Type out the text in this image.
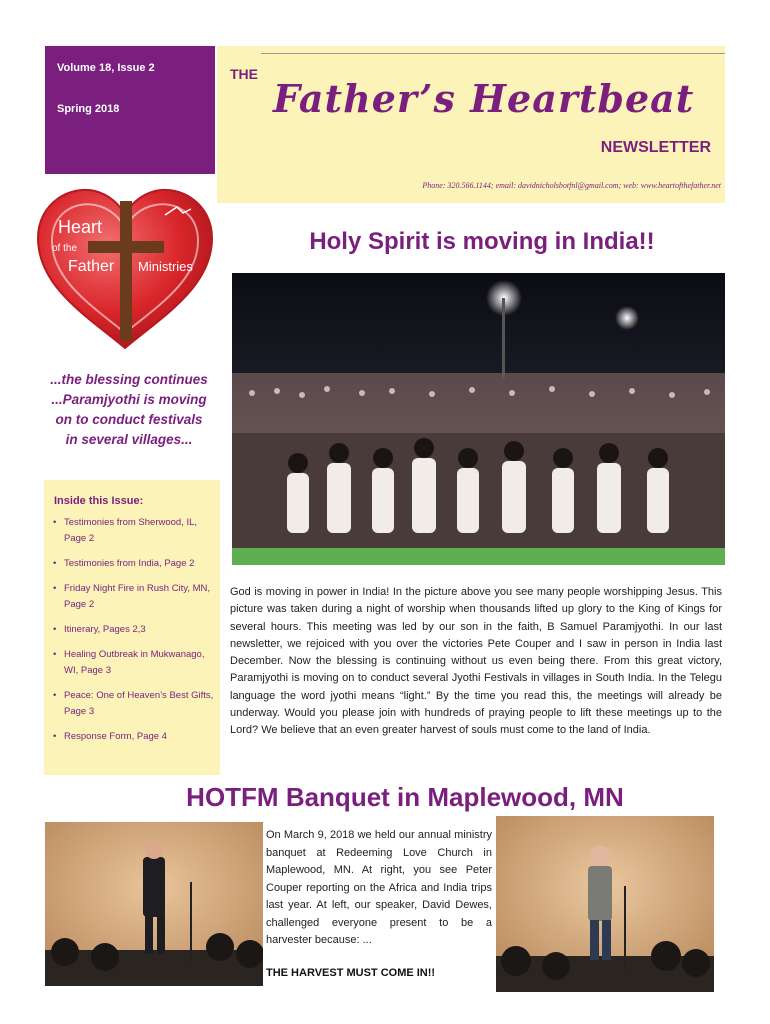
Volume 18, Issue 2
Spring 2018
THE
Father’s Heartbeat
NEWSLETTER
Phone: 320.566.1144; email: davidnicholsbotfnl@gmail.com; web: www.heartofthefather.net
Heart
of the
Father Ministries
...the blessing continues
...Paramjyothi is moving
on to conduct festivals
in several villages...
Inside this Issue:
• Testimonies from Sherwood, IL, Page 2
• Testimonies from India, Page 2
• Friday Night Fire in Rush City, MN, Page 2
• Itinerary, Pages 2,3
• Healing Outbreak in Mukwanago, WI, Page 3
• Peace: One of Heaven’s Best Gifts, Page 3
• Response Form, Page 4
Holy Spirit is moving in India!!
God is moving in power in India! In the picture above you see many people worshipping Jesus. This picture was taken during a night of worship when thousands lifted up glory to the King of Kings for several hours. This meeting was led by our son in the faith, B Samuel Paramjyothi. In our last newsletter, we rejoiced with you over the victories Pete Couper and I saw in person in India last December. Now the blessing is continuing without us even being there. From this great victory, Paramjyothi is moving on to conduct several Jyothi Festivals in villages in South India. In the Telegu language the word jyothi means “light.” By the time you read this, the meetings will already be underway. Would you please join with hundreds of praying people to lift these meetings up to the Lord? We believe that an even greater harvest of souls must come to the land of India.
HOTFM Banquet in Maplewood, MN
On March 9, 2018 we held our annual ministry banquet at Redeeming Love Church in Maplewood, MN. At right, you see Peter Couper reporting on the Africa and India trips last year. At left, our speaker, David Dewes, challenged everyone present to be a harvester because: ...
THE HARVEST MUST COME IN!!
